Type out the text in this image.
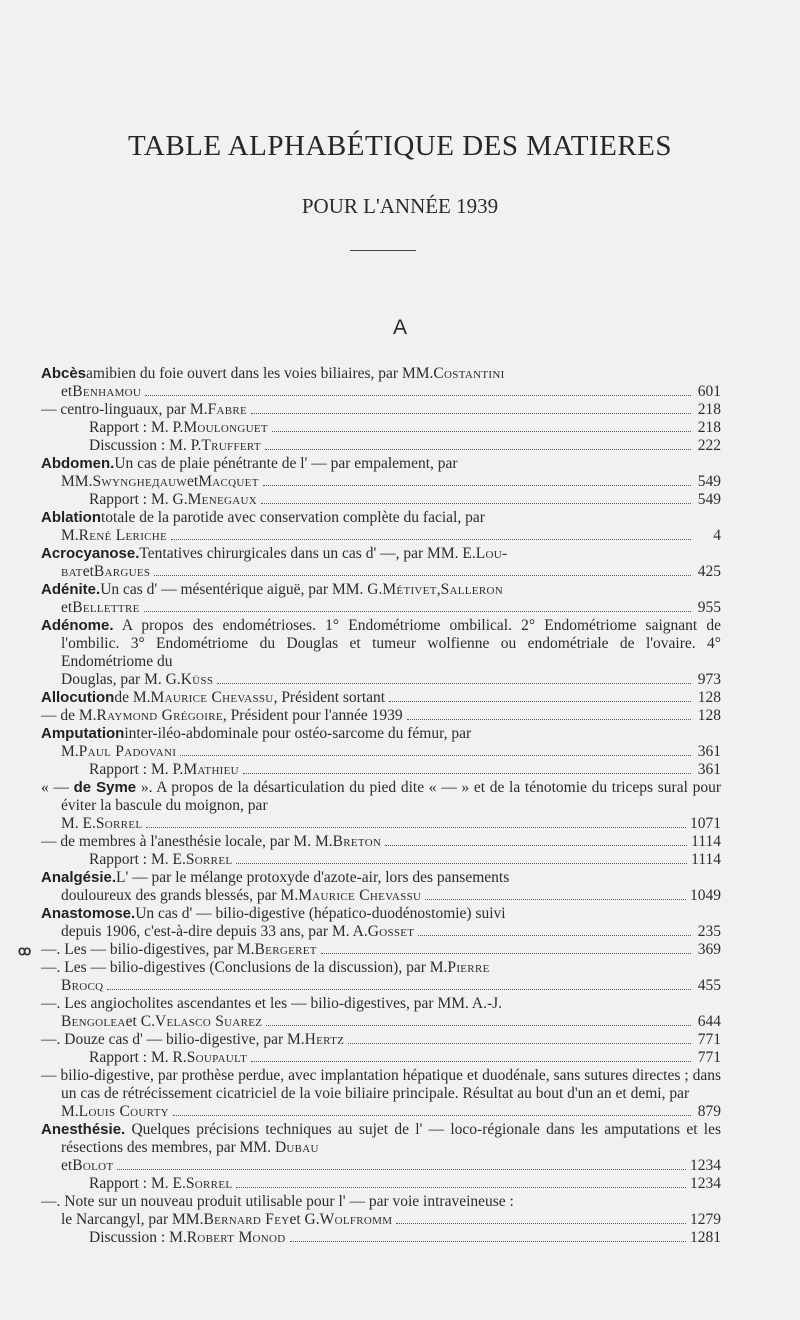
TABLE ALPHABÉTIQUE DES MATIERES
POUR L'ANNÉE 1939
A
ꝏ
Abcès amibien du foie ouvert dans les voies biliaires, par MM. Costantini
et Benhamou	601
— centro-linguaux, par M. Fabre	218
Rapport : M. P. Moulonguet	218
Discussion : M. P. Truffert	222
Abdomen. Un cas de plaie pénétrante de l' — par empalement, par
MM. Swyngheдauw et Macquet	549
Rapport : M. G. Menegaux	549
Ablation totale de la parotide avec conservation complète du facial, par
M. René Leriche	4
Acrocyanose. Tentatives chirurgicales dans un cas d' —, par MM. E. Lou-
bat et Bargues	425
Adénite. Un cas d' — mésentérique aiguë, par MM. G. Métivet , Salleron
et Bellettre	955
Adénome. A propos des endométrioses. 1° Endométriome ombilical. 2° Endométriome saignant de l'ombilic. 3° Endométriome du Douglas et tumeur wolfienne ou endométriale de l'ovaire. 4° Endométriome du
Douglas, par M. G. Küss	973
Allocution de M. Maurice Chevassu , Président sortant	128
— de M. Raymond Grégoire , Président pour l'année 1939	128
Amputation inter-iléo-abdominale pour ostéo-sarcome du fémur, par
M. Paul Padovani	361
Rapport : M. P. Mathieu	361
« — de Syme ». A propos de la désarticulation du pied dite « — » et de la ténotomie du triceps sural pour éviter la bascule du moignon, par
M. E. Sorrel	1071
— de membres à l'anesthésie locale, par M. M. Breton	1114
Rapport : M. E. Sorrel	1114
Analgésie. L' — par le mélange protoxyde d'azote-air, lors des pansements
douloureux des grands blessés, par M. Maurice Chevassu	1049
Anastomose. Un cas d' — bilio-digestive (hépatico-duodénostomie) suivi
depuis 1906, c'est-à-dire depuis 33 ans, par M. A. Gosset	235
—. Les — bilio-digestives, par M. Bergeret	369
—. Les — bilio-digestives (Conclusions de la discussion), par M. Pierre
Brocq	455
—. Les angiocholites ascendantes et les — bilio-digestives, par MM. A.-J.
Bengolea et C. Velasco Suarez	644
—. Douze cas d' — bilio-digestive, par M. Hertz	771
Rapport : M. R. Soupault	771
— bilio-digestive, par prothèse perdue, avec implantation hépatique et duodénale, sans sutures directes ; dans un cas de rétrécissement cicatriciel de la voie biliaire principale. Résultat au bout d'un an et demi, par
M. Louis Courty	879
Anesthésie. Quelques précisions techniques au sujet de l' — loco-régionale dans les amputations et les résections des membres, par MM. Dubau
et Bolot	1234
Rapport : M. E. Sorrel	1234
—. Note sur un nouveau produit utilisable pour l' — par voie intraveineuse :
le Narcangyl, par MM. Bernard Fey et G. Wolfromm	1279
Discussion : M. Robert Monod	1281
